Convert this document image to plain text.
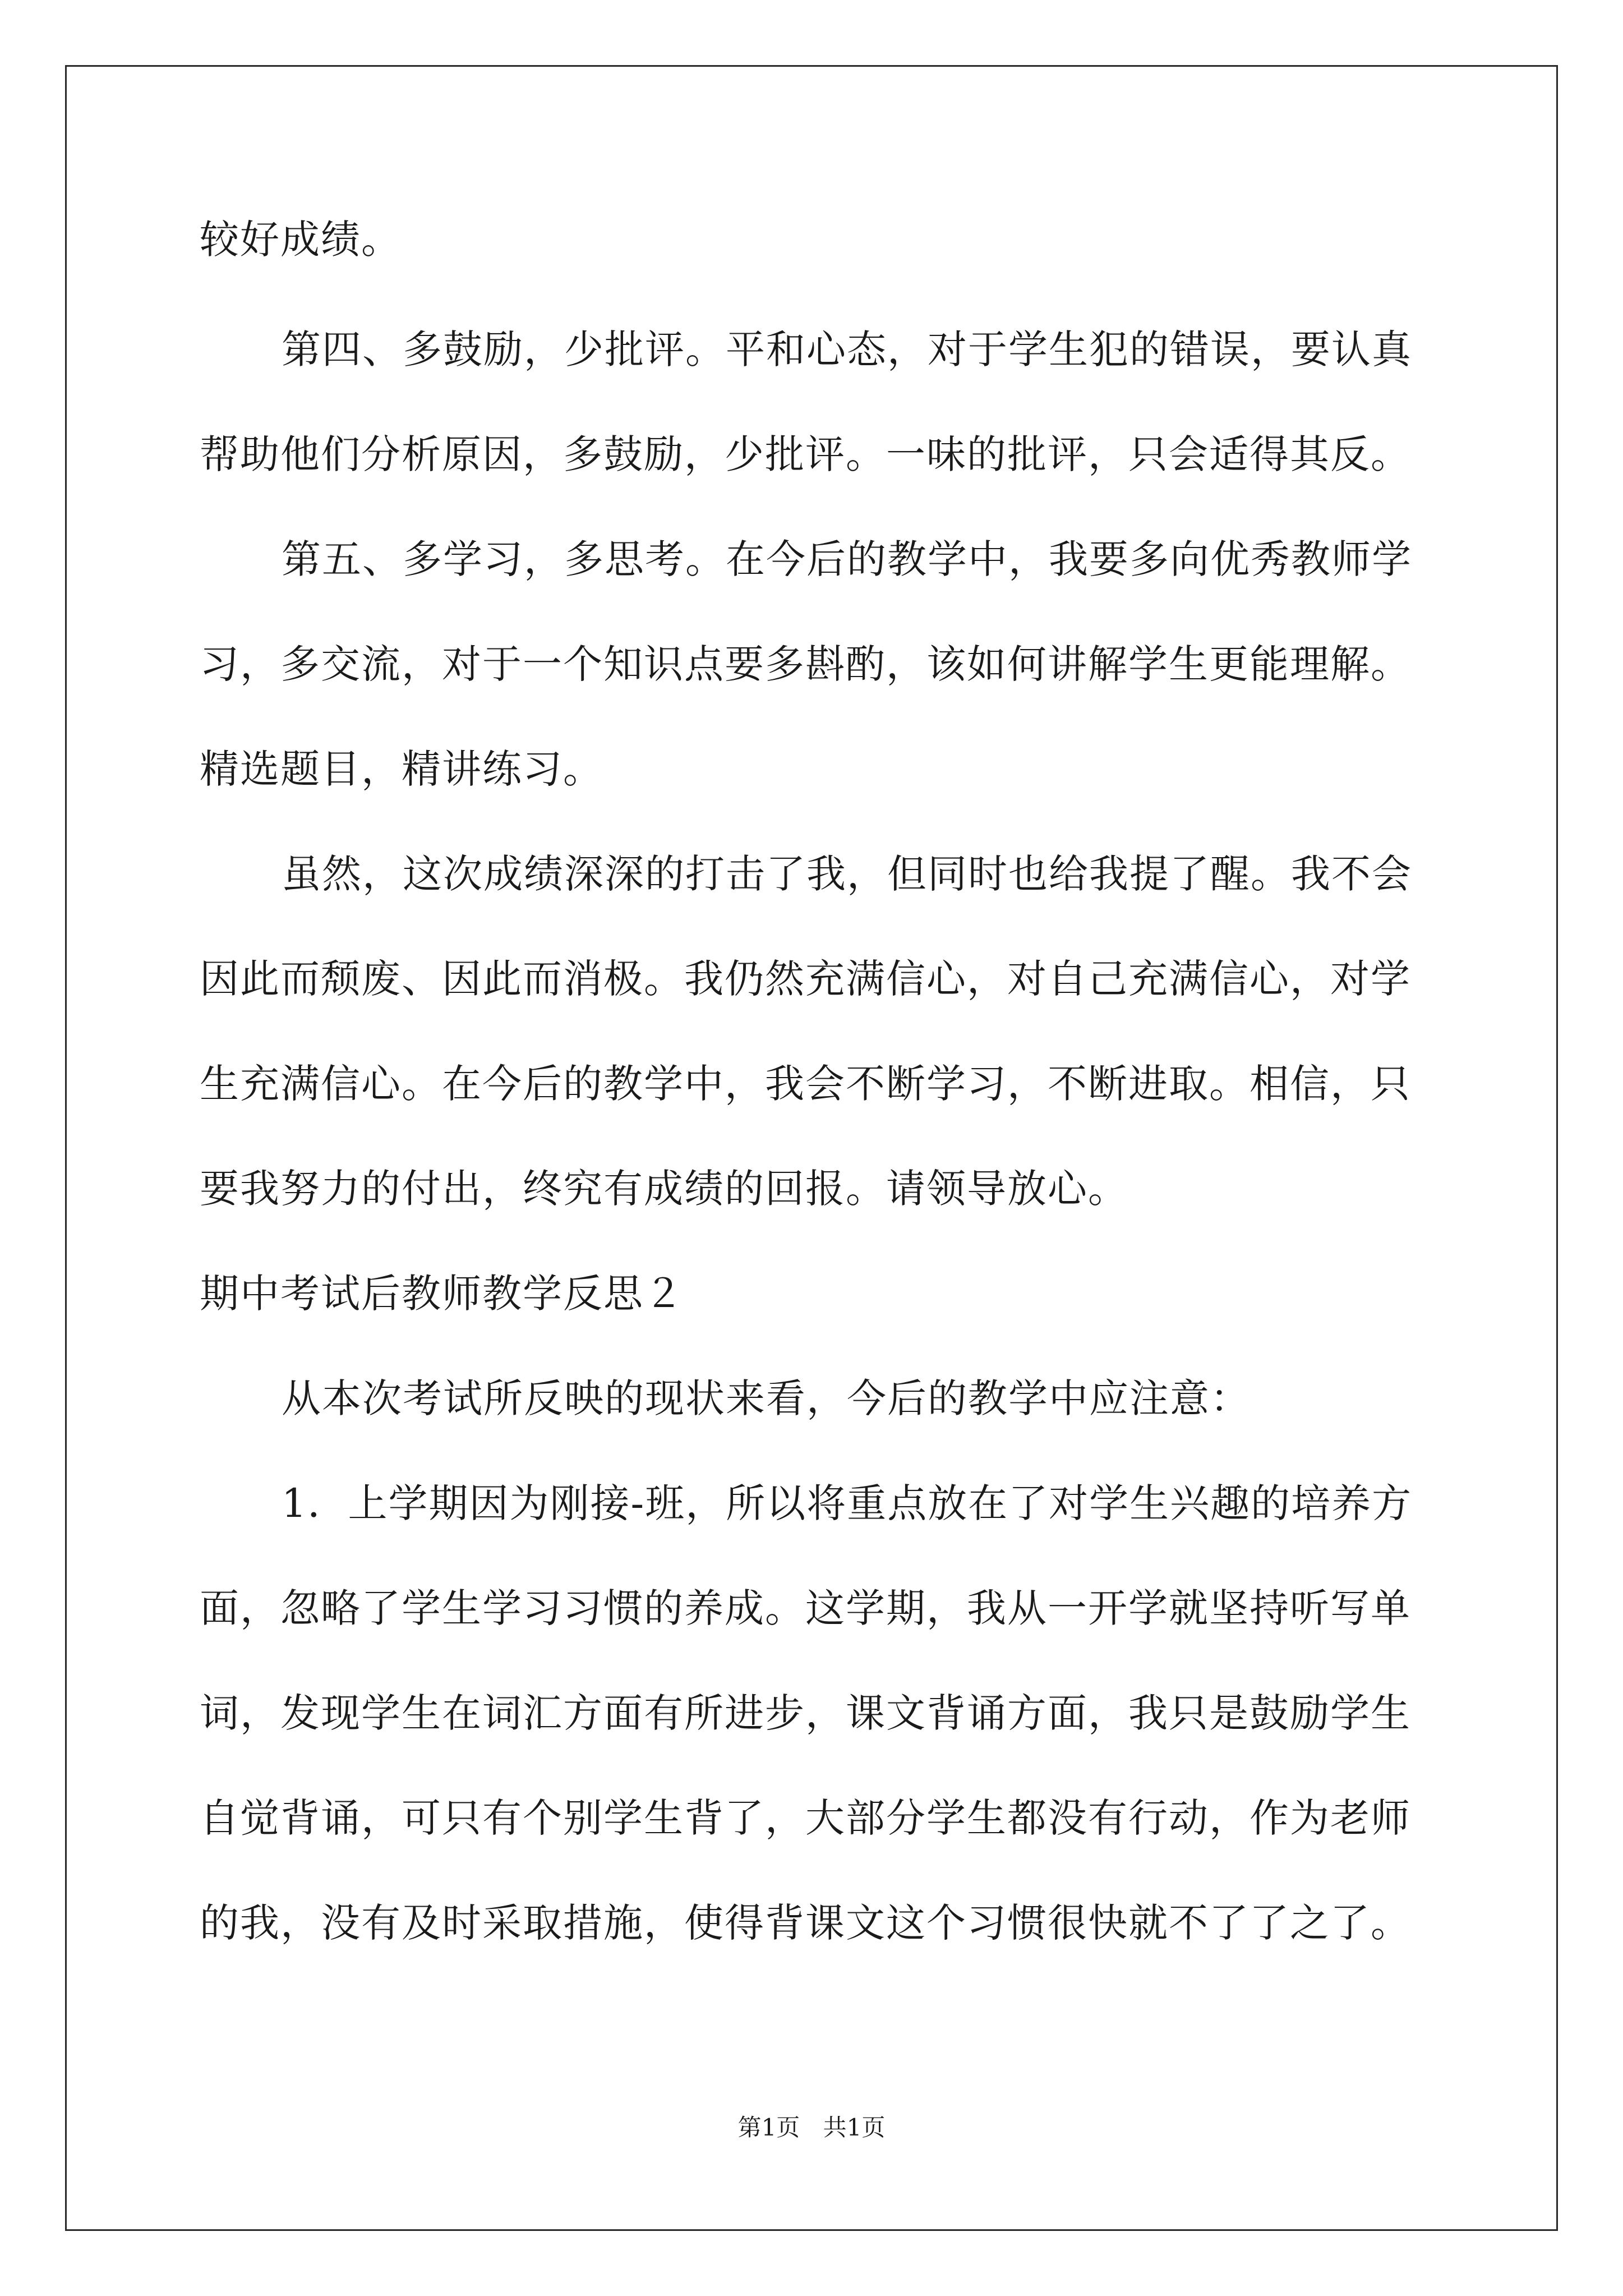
较好成绩。
第四、多鼓励，少批评。平和心态，对于学生犯的错误，要认真
帮助他们分析原因，多鼓励，少批评。一味的批评，只会适得其反。
第五、多学习，多思考。在今后的教学中，我要多向优秀教师学
习，多交流，对于一个知识点要多斟酌，该如何讲解学生更能理解。
精选题目，精讲练习。
虽然，这次成绩深深的打击了我，但同时也给我提了醒。我不会
因此而颓废、因此而消极。我仍然充满信心，对自己充满信心，对学
生充满信心。在今后的教学中，我会不断学习，不断进取。相信，只
要我努力的付出，终究有成绩的回报。请领导放心。
期中考试后教师教学反思２
从本次考试所反映的现状来看，今后的教学中应注意：
1．上学期因为刚接-班，所以将重点放在了对学生兴趣的培养方
面，忽略了学生学习习惯的养成。这学期，我从一开学就坚持听写单
词，发现学生在词汇方面有所进步，课文背诵方面，我只是鼓励学生
自觉背诵，可只有个别学生背了，大部分学生都没有行动，作为老师
的我，没有及时采取措施，使得背课文这个习惯很快就不了了之了。
第1页 共1页
